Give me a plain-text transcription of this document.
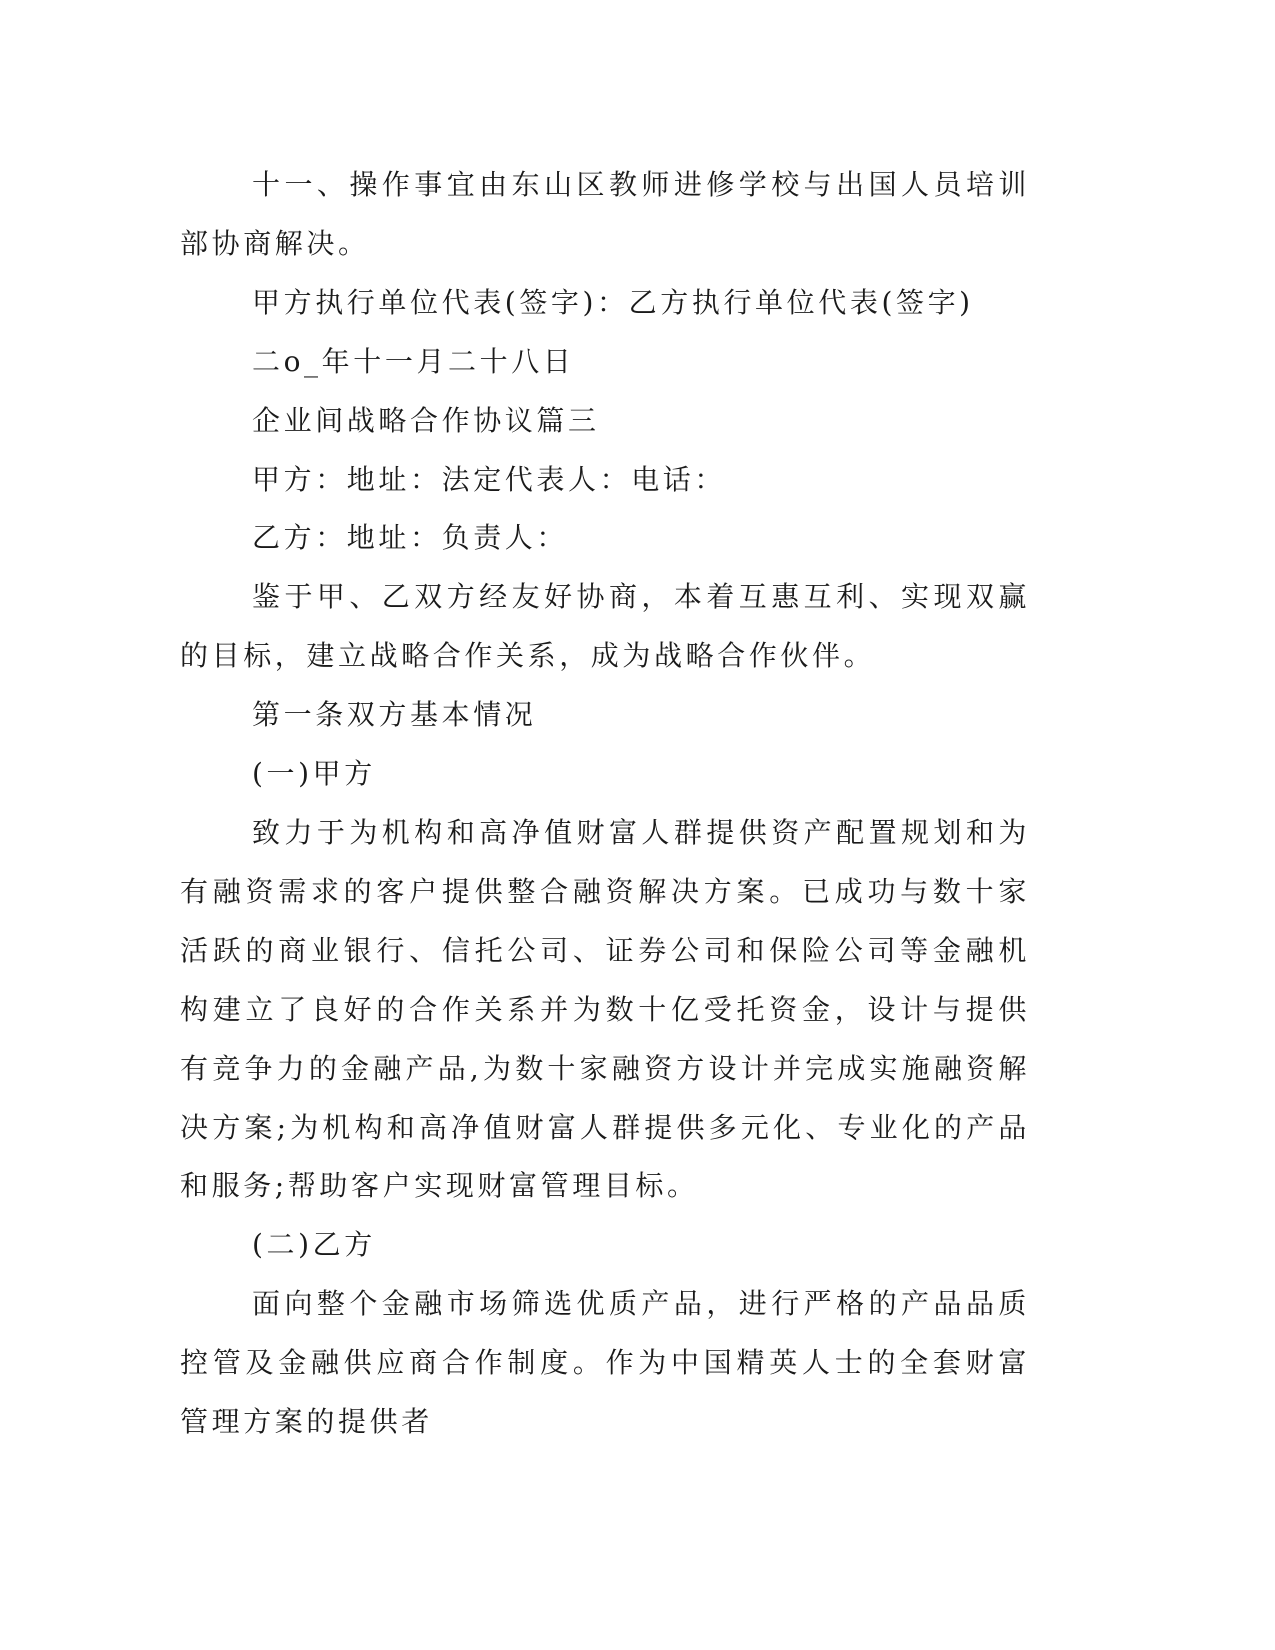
十一、操作事宜由东山区教师进修学校与出国人员培训部协商解决。

甲方执行单位代表(签字)：乙方执行单位代表(签字)

二o_年十一月二十八日

企业间战略合作协议篇三

甲方：地址：法定代表人：电话：

乙方：地址：负责人：

鉴于甲、乙双方经友好协商，本着互惠互利、实现双赢的目标，建立战略合作关系，成为战略合作伙伴。

第一条双方基本情况

(一)甲方

致力于为机构和高净值财富人群提供资产配置规划和为有融资需求的客户提供整合融资解决方案。已成功与数十家活跃的商业银行、信托公司、证券公司和保险公司等金融机构建立了良好的合作关系并为数十亿受托资金，设计与提供有竞争力的金融产品,为数十家融资方设计并完成实施融资解决方案;为机构和高净值财富人群提供多元化、专业化的产品和服务;帮助客户实现财富管理目标。

(二)乙方

面向整个金融市场筛选优质产品，进行严格的产品品质控管及金融供应商合作制度。作为中国精英人士的全套财富管理方案的提供者
